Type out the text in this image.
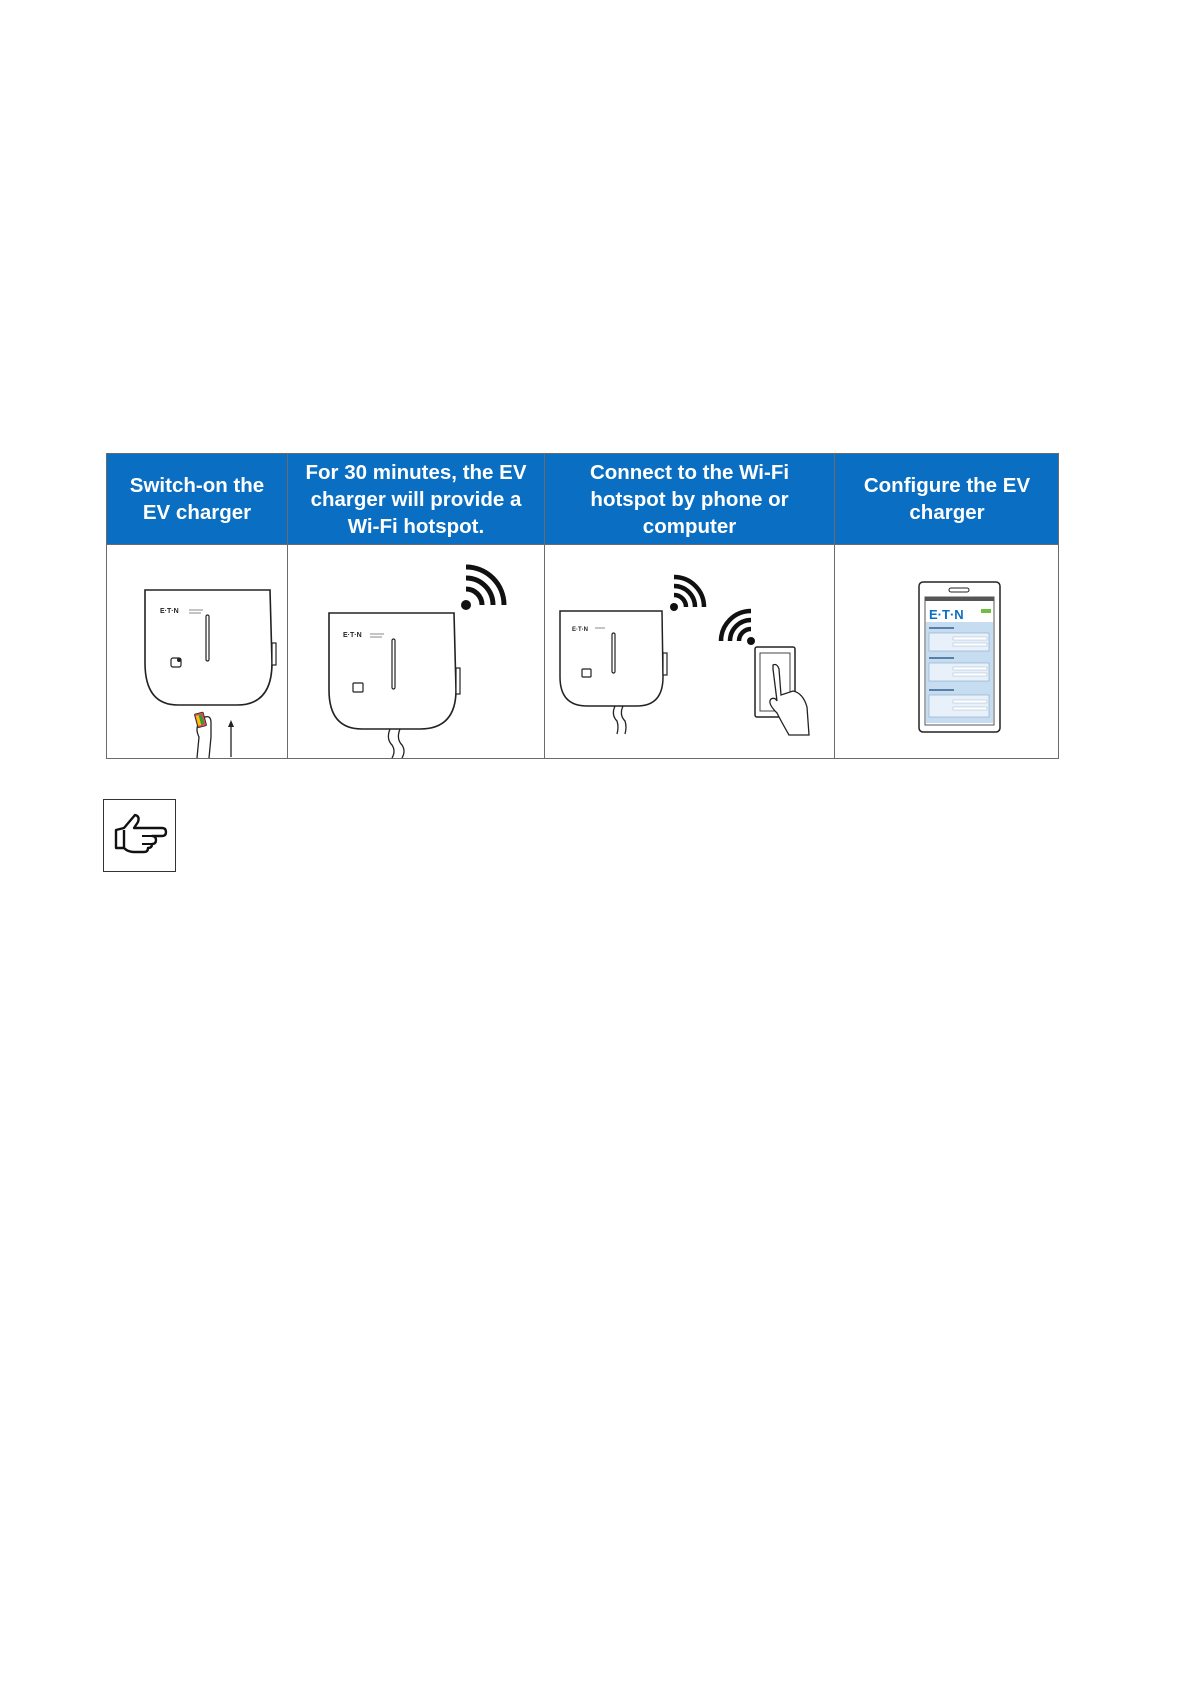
Switch-on the EV charger
For 30 minutes, the EV charger will provide a Wi-Fi hotspot.
Connect to the Wi-Fi hotspot by phone or computer
Configure the EV charger
E·T·N
E·T·N
E·T·N
E·T·N
